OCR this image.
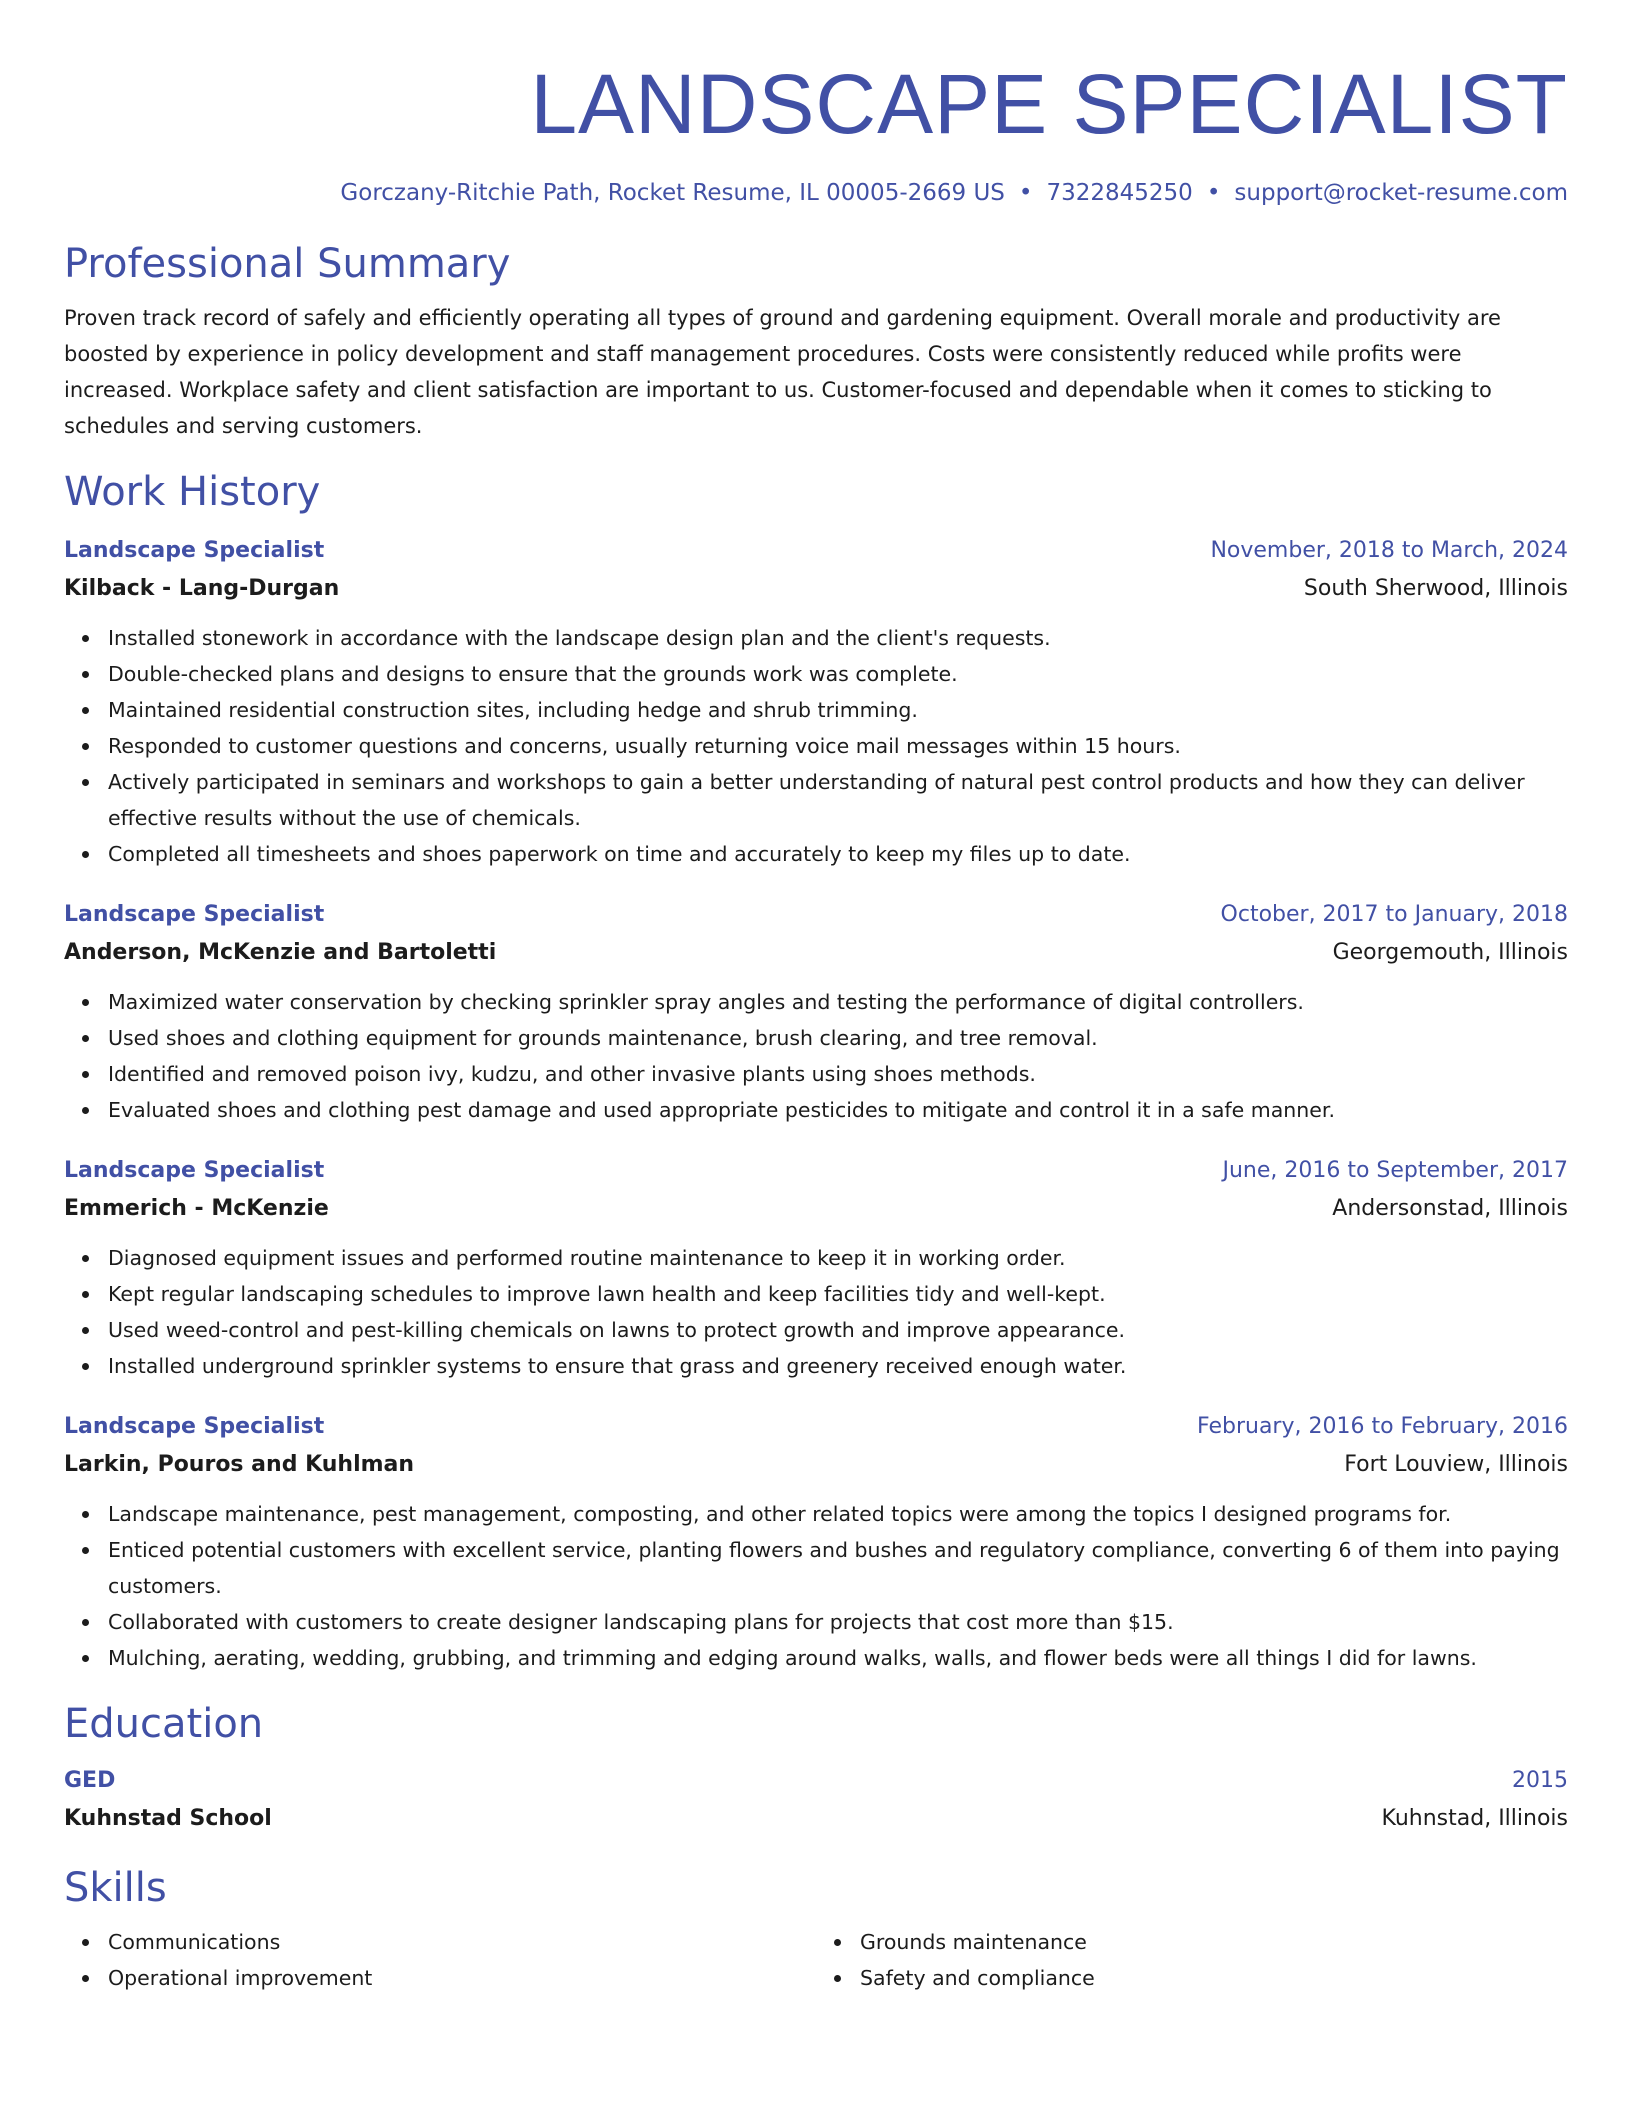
LANDSCAPE SPECIALIST
Gorczany-Ritchie Path, Rocket Resume, IL 00005-2669 US • 7322845250 • support@rocket-resume.com
Professional Summary

Proven track record of safely and efficiently operating all types of ground and gardening equipment. Overall morale and productivity are boosted by experience in policy development and staff management procedures. Costs were consistently reduced while profits were increased. Workplace safety and client satisfaction are important to us. Customer-focused and dependable when it comes to sticking to schedules and serving customers.

Work History
Landscape Specialist	November, 2018 to March, 2024
Kilback - Lang-Durgan	South Sherwood, Illinois
Installed stonework in accordance with the landscape design plan and the client's requests.
Double-checked plans and designs to ensure that the grounds work was complete.
Maintained residential construction sites, including hedge and shrub trimming.
Responded to customer questions and concerns, usually returning voice mail messages within 15 hours.
Actively participated in seminars and workshops to gain a better understanding of natural pest control products and how they can deliver effective results without the use of chemicals.
Completed all timesheets and shoes paperwork on time and accurately to keep my files up to date.
Landscape Specialist	October, 2017 to January, 2018
Anderson, McKenzie and Bartoletti	Georgemouth, Illinois
Maximized water conservation by checking sprinkler spray angles and testing the performance of digital controllers.
Used shoes and clothing equipment for grounds maintenance, brush clearing, and tree removal.
Identified and removed poison ivy, kudzu, and other invasive plants using shoes methods.
Evaluated shoes and clothing pest damage and used appropriate pesticides to mitigate and control it in a safe manner.
Landscape Specialist	June, 2016 to September, 2017
Emmerich - McKenzie	Andersonstad, Illinois
Diagnosed equipment issues and performed routine maintenance to keep it in working order.
Kept regular landscaping schedules to improve lawn health and keep facilities tidy and well-kept.
Used weed-control and pest-killing chemicals on lawns to protect growth and improve appearance.
Installed underground sprinkler systems to ensure that grass and greenery received enough water.
Landscape Specialist	February, 2016 to February, 2016
Larkin, Pouros and Kuhlman	Fort Louview, Illinois
Landscape maintenance, pest management, composting, and other related topics were among the topics I designed programs for.
Enticed potential customers with excellent service, planting flowers and bushes and regulatory compliance, converting 6 of them into paying customers.
Collaborated with customers to create designer landscaping plans for projects that cost more than $15.
Mulching, aerating, wedding, grubbing, and trimming and edging around walks, walls, and flower beds were all things I did for lawns.
Education
GED	2015
Kuhnstad School	Kuhnstad, Illinois
Skills
Communications
Operational improvement
Grounds maintenance
Safety and compliance
